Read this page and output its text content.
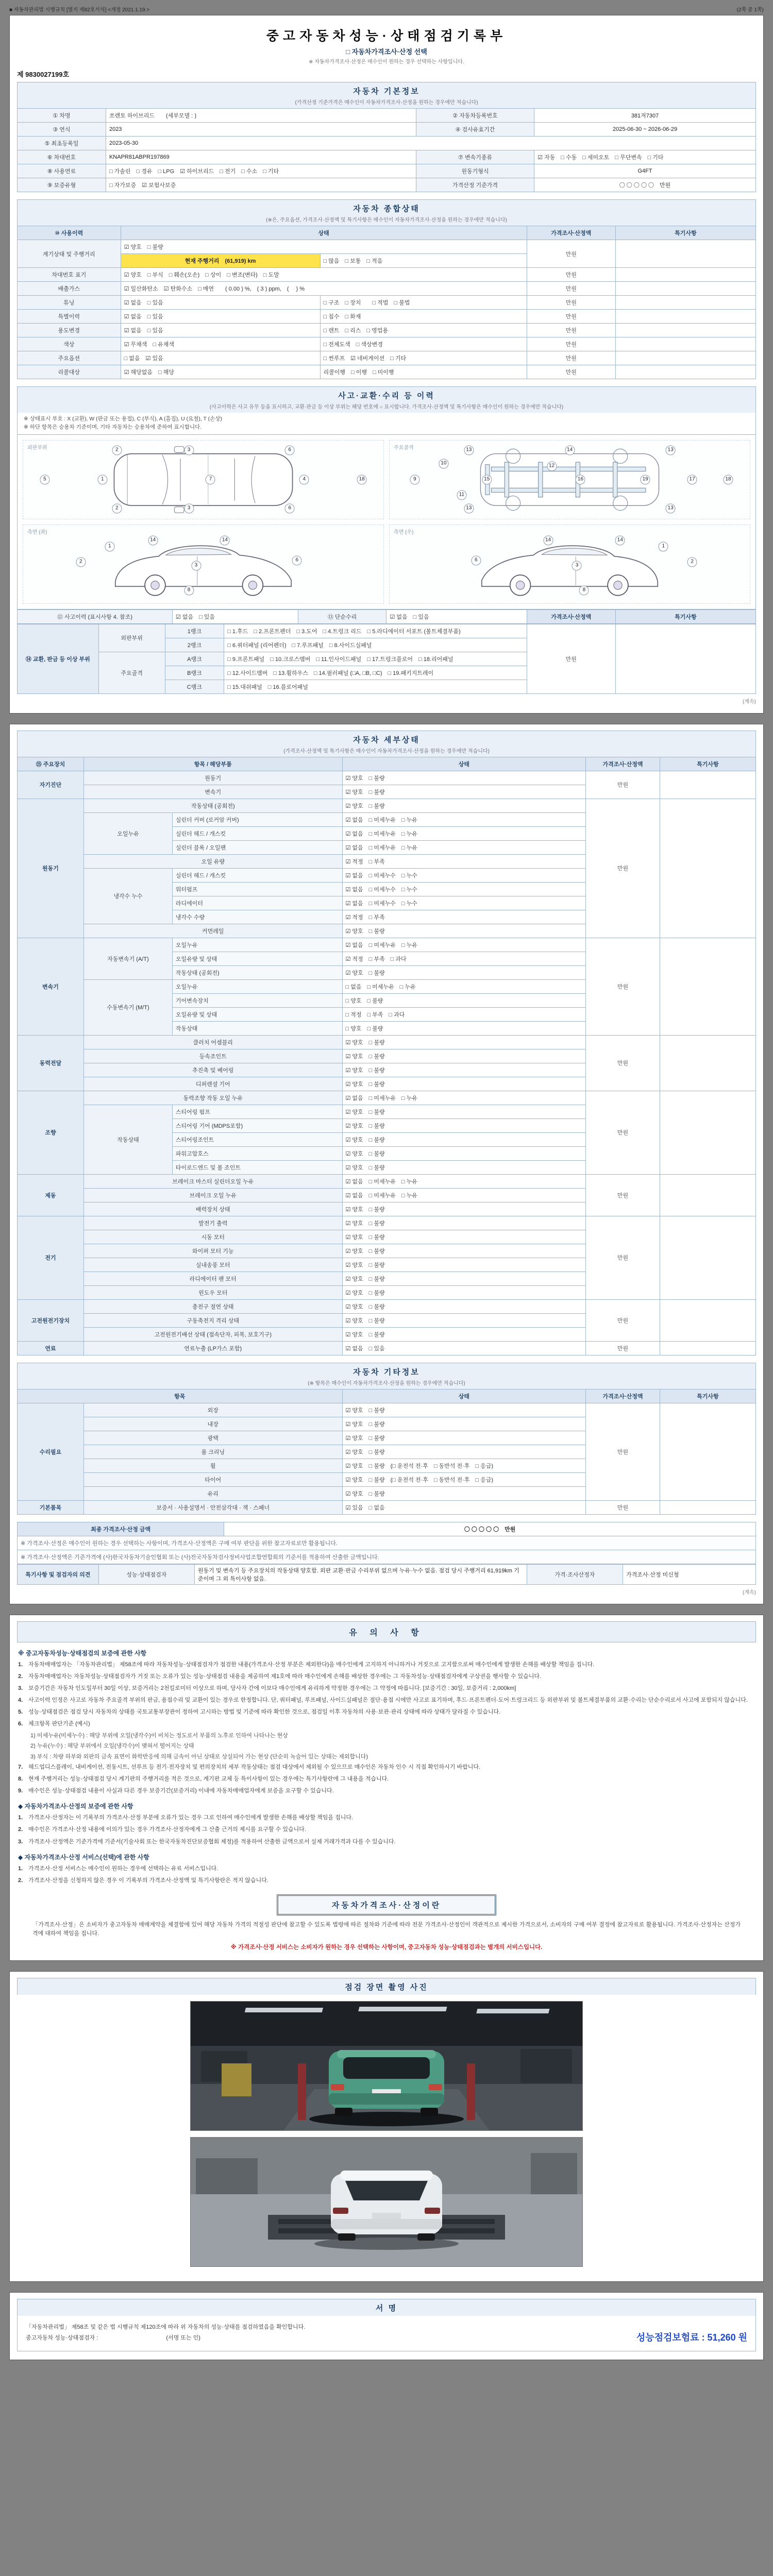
■ 자동차관리법 시행규칙 [별지 제82호서식] <개정 2021.1.19.>	(2쪽 중 1쪽)
중고자동차성능·상태점검기록부
□ 자동차가격조사·산정 선택
※ 자동차가격조사·산정은 매수인이 원하는 경우 선택하는 사항입니다.
제 9830027199호
자동차 기본정보
(가격산정 기준가격은 매수인이 자동차가격조사·산정을 원하는 경우에만 적습니다)
① 차명	쏘렌토 하이브리드　　(세부모델 : )	② 자동차등록번호	381저7307
③ 연식	2023	④ 검사유효기간	2025-06-30 ~ 2026-06-29
⑤ 최초등록일	2023-05-30		
⑥ 차대번호	KNAPR81ABPR197869	⑦ 변속기종류	☑ 자동　□ 수동　□ 세미오토　□ 무단변속　□ 기타
⑧ 사용연료	□ 가솔린　□ 경유　□ LPG　☑ 하이브리드　□ 전기　□ 수소　□ 기타	원동기형식	G4FT
⑨ 보증유형	□ 자가보증　☑ 보험사보증	가격산정 기준가격	〇 〇 〇 〇 〇　만원
자동차 종합상태
(※은, 주요옵션, 가격조사·산정액 및 특기사항은 매수인이 자동차가격조사·산정을 원하는 경우에만 적습니다)
⑩ 사용이력	상태		가격조사·산정액	특기사항
계기상태 및 주행거리	☑ 양호　□ 불량		만원	
	현재 주행거리　(61,919) km	□ 많음　□ 보통　□ 적음		
차대번호 표기	☑ 양호　□ 부식　□ 훼손(오손)　□ 상이　□ 변조(변타)　□ 도말		만원	
배출가스	☑ 일산화탄소　☑ 탄화수소　□ 매연　　( 0.00 ) %,　( 3 ) ppm,　(　 ) %		만원	
튜닝	☑ 없음　□ 있음	□ 구조　□ 장치　　□ 적법　□ 불법	만원	
특별이력	☑ 없음　□ 있음	□ 침수　□ 화재	만원	
용도변경	☑ 없음　□ 있음	□ 렌트　□ 리스　□ 영업용	만원	
색상	☑ 무채색　□ 유채색	□ 전체도색　□ 색상변경	만원	
주요옵션	□ 없음　☑ 있음	□ 썬루프　☑ 네비게이션　□ 기타	만원	
리콜대상	☑ 해당없음　□ 해당	리콜이행　□ 이행　□ 미이행	만원	
사고·교환·수리 등 이력
(사고이력은 사고 유무 등을 표시하고, 교환·판금 등 이상 부위는 해당 번호에 ○ 표시합니다. 가격조사·산정액 및 특기사항은 매수인이 원하는 경우에만 적습니다)
※ 상태표시 부호 : X (교환), W (판금 또는 용접), C (부식), A (흠집), U (요철), T (손상)
※ 하단 항목은 승용차 기준이며, 기타 자동차는 승용차에 준하여 표시합니다.
외판부위
5	1	7	4	18
2
2
3
3
6
6
주요골격
9
10
15
11
12
16
13
13
13
13
19	17	18
14
측면 (좌)
2
1
14
3
14
6
8
측면 (우)
6
14
3
14
1
2
8
⑫ 사고이력 (표시사항 4. 참조)	☑ 없음　□ 있음	⑬ 단순수리	☑ 없음　□ 있음	가격조사·산정액	특기사항
⑭ 교환, 판금 등 이상 부위	외판부위	1랭크	□ 1.후드　□ 2.프론트펜더　□ 3.도어　□ 4.트렁크 리드　□ 5.라디에이터 서포트 (볼트체결부품)	만원	
		2랭크	□ 6.쿼터패널 (리어펜더)　□ 7.루프패널　□ 8.사이드실패널		
	주요골격	A랭크	□ 9.프론트패널　□ 10.크로스멤버　□ 11.인사이드패널　□ 17.트렁크플로어　□ 18.리어패널		
		B랭크	□ 12.사이드멤버　□ 13.휠하우스　□ 14.필러패널 (□A, □B, □C)　□ 19.패키지트레이		
		C랭크	□ 15.대쉬패널　□ 16.플로어패널		
(계속)
자동차 세부상태
(가격조사·산정액 및 특기사항은 매수인이 자동차가격조사·산정을 원하는 경우에만 적습니다)
⑮ 주요장치	항목 / 해당부품		상태	가격조사·산정액	특기사항
자기진단	원동기		☑ 양호　□ 불량	만원	
	변속기		☑ 양호　□ 불량		
원동기	작동상태 (공회전)		☑ 양호　□ 불량	만원	
	오일누유	실린더 커버 (로커암 커버)	☑ 없음　□ 미세누유　□ 누유		
		실린더 헤드 / 개스킷	☑ 없음　□ 미세누유　□ 누유		
		실린더 블록 / 오일팬	☑ 없음　□ 미세누유　□ 누유		
	오일 유량		☑ 적정　□ 부족		
	냉각수 누수	실린더 헤드 / 개스킷	☑ 없음　□ 미세누수　□ 누수		
		워터펌프	☑ 없음　□ 미세누수　□ 누수		
		라디에이터	☑ 없음　□ 미세누수　□ 누수		
		냉각수 수량	☑ 적정　□ 부족		
	커먼레일		☑ 양호　□ 불량		
변속기	자동변속기 (A/T)	오일누유	☑ 없음　□ 미세누유　□ 누유	만원	
		오일유량 및 상태	☑ 적정　□ 부족　□ 과다		
		작동상태 (공회전)	☑ 양호　□ 불량		
	수동변속기 (M/T)	오일누유	□ 없음　□ 미세누유　□ 누유		
		기어변속장치	□ 양호　□ 불량		
		오일유량 및 상태	□ 적정　□ 부족　□ 과다		
		작동상태	□ 양호　□ 불량		
동력전달	클러치 어셈블리		☑ 양호　□ 불량	만원	
	등속조인트		☑ 양호　□ 불량		
	추진축 및 베어링		☑ 양호　□ 불량		
	디퍼렌셜 기어		☑ 양호　□ 불량		
조향	동력조향 작동 오일 누유		☑ 없음　□ 미세누유　□ 누유	만원	
	작동상태	스티어링 펌프	☑ 양호　□ 불량		
		스티어링 기어 (MDPS포함)	☑ 양호　□ 불량		
		스티어링조인트	☑ 양호　□ 불량		
		파워고압호스	☑ 양호　□ 불량		
		타이로드엔드 및 볼 조인트	☑ 양호　□ 불량		
제동	브레이크 마스터 실린더오일 누유		☑ 없음　□ 미세누유　□ 누유	만원	
	브레이크 오일 누유		☑ 없음　□ 미세누유　□ 누유		
	배력장치 상태		☑ 양호　□ 불량		
전기	발전기 출력		☑ 양호　□ 불량	만원	
	시동 모터		☑ 양호　□ 불량		
	와이퍼 모터 기능		☑ 양호　□ 불량		
	실내송풍 모터		☑ 양호　□ 불량		
	라디에이터 팬 모터		☑ 양호　□ 불량		
	윈도우 모터		☑ 양호　□ 불량		
고전원전기장치	충전구 절연 상태		☑ 양호　□ 불량	만원	
	구동축전지 격리 상태		☑ 양호　□ 불량		
	고전원전기배선 상태 (접속단자, 피복, 보호기구)		☑ 양호　□ 불량		
연료	연료누출 (LP가스 포함)		☑ 없음　□ 있음	만원	
자동차 기타정보
(※ 항목은 매수인이 자동차가격조사·산정을 원하는 경우에만 적습니다)
항목		상태	가격조사·산정액	특기사항
수리필요	외장	☑ 양호　□ 불량	만원	
	내장	☑ 양호　□ 불량		
	광택	☑ 양호　□ 불량		
	룸 크리닝	☑ 양호　□ 불량		
	휠	☑ 양호　□ 불량　(□ 운전석 전·후　□ 동반석 전·후　□ 응급)		
	타이어	☑ 양호　□ 불량　(□ 운전석 전·후　□ 동반석 전·후　□ 응급)		
	유리	☑ 양호　□ 불량		
기본품목	보증서 · 사용설명서 · 안전삼각대 · 잭 · 스패너	☑ 있음　□ 없음	만원	
최종 가격조사·산정 금액	〇 〇 〇 〇 〇　만원
※ 가격조사·산정은 매수인이 원하는 경우 선택하는 사항이며, 가격조사·산정액은 구매 여부 판단을 위한 참고자료로만 활용됩니다.
※ 가격조사·산정액은 기준가격에 (사)한국자동차기술인협회 또는 (사)전국자동차검사정비사업조합연합회의 기준서를 적용하여 산출한 금액입니다.
특기사항 및 점검자의 의견	성능·상태점검자	원동기 및 변속기 등 주요장치의 작동상태 양호함. 외판 교환·판금 수리부위 없으며 누유·누수 없음. 점검 당시 주행거리 61,919km 기준이며 그 외 특이사항 없음.	가격·조사산정자	가격조사·산정 미신청
(계속)
유 의 사 항
※ 중고자동차성능·상태점검의 보증에 관한 사항
1. 자동차매매업자는 「자동차관리법」 제58조에 따라 자동차성능·상태점검자가 점검한 내용(가격조사·산정 부분은 제외한다)을 매수인에게 고지하지 아니하거나 거짓으로 고지함으로써 매수인에게 발생한 손해를 배상할 책임을 집니다.
2. 자동차매매업자는 자동차성능·상태점검자가 거짓 또는 오류가 있는 성능·상태점검 내용을 제공하여 제1호에 따라 매수인에게 손해를 배상한 경우에는 그 자동차성능·상태점검자에게 구상권을 행사할 수 있습니다.
3. 보증기간은 자동차 인도일부터 30일 이상, 보증거리는 2천킬로미터 이상으로 하며, 당사자 간에 이보다 매수인에게 유리하게 약정한 경우에는 그 약정에 따릅니다. [보증기간 : 30일, 보증거리 : 2,000km]
4. 사고이력 인정은 사고로 자동차 주요골격 부위의 판금, 용접수리 및 교환이 있는 경우로 한정합니다. 단, 쿼터패널, 루프패널, 사이드실패널은 절단·용접 시에만 사고로 표기하며, 후드·프론트펜더·도어·트렁크리드 등 외판부위 및 볼트체결부품의 교환·수리는 단순수리로서 사고에 포함되지 않습니다.
5. 성능·상태점검은 점검 당시 자동차의 상태를 국토교통부장관이 정하여 고시하는 방법 및 기준에 따라 확인한 것으로, 점검일 이후 자동차의 사용·보관·관리 상태에 따라 상태가 달라질 수 있습니다.
6. 체크항목 판단기준 (예시)
1) 미세누유(미세누수) : 해당 부위에 오일(냉각수)이 비치는 정도로서 부품의 노후로 인하여 나타나는 현상
2) 누유(누수) : 해당 부위에서 오일(냉각수)이 맺혀서 떨어지는 상태
3) 부식 : 차량 하부와 외판의 금속 표면이 화학반응에 의해 금속이 아닌 상태로 상실되어 가는 현상 (단순히 녹슬어 있는 상태는 제외합니다)
7. 헤드업디스플레이, 내비게이션, 전동시트, 선루프 등 전기·전자장치 및 편의장치의 세부 작동상태는 점검 대상에서 제외될 수 있으므로 매수인은 자동차 인수 시 직접 확인하시기 바랍니다.
8. 현재 주행거리는 성능·상태점검 당시 계기판의 주행거리를 적은 것으로, 계기판 교체 등 특이사항이 있는 경우에는 특기사항란에 그 내용을 적습니다.
9. 매수인은 성능·상태점검 내용이 사실과 다른 경우 보증기간(보증거리) 이내에 자동차매매업자에게 보증을 요구할 수 있습니다.
◆ 자동차가격조사·산정의 보증에 관한 사항
1. 가격조사·산정자는 이 기록부의 가격조사·산정 부분에 오류가 있는 경우 그로 인하여 매수인에게 발생한 손해를 배상할 책임을 집니다.
2. 매수인은 가격조사·산정 내용에 이의가 있는 경우 가격조사·산정자에게 그 산출 근거의 제시를 요구할 수 있습니다.
3. 가격조사·산정액은 기준가격에 기준서(기술사회 또는 한국자동차진단보증협회 제정)를 적용하여 산출한 금액으로서 실제 거래가격과 다를 수 있습니다.
◆ 자동차가격조사·산정 서비스(선택)에 관한 사항
1. 가격조사·산정 서비스는 매수인이 원하는 경우에 선택하는 유료 서비스입니다.
2. 가격조사·산정을 신청하지 않은 경우 이 기록부의 가격조사·산정액 및 특기사항란은 적지 않습니다.
자동차가격조사·산정이란
「가격조사·산정」은 소비자가 중고자동차 매매계약을 체결함에 있어 해당 자동차 가격의 적절성 판단에 참고할 수 있도록 법령에 따른 절차와 기준에 따라 전문 가격조사·산정인이 객관적으로 제시한 가격으로서, 소비자의 구매 여부 결정에 참고자료로 활용됩니다. 가격조사·산정자는 산정가격에 대하여 책임을 집니다.
※ 가격조사·산정 서비스는 소비자가 원하는 경우 선택하는 사항이며, 중고자동차 성능·상태점검과는 별개의 서비스입니다.
점검 장면 촬영 사진
서 명
「자동차관리법」 제58조 및 같은 법 시행규칙 제120조에 따라 위 자동차의 성능·상태를 점검하였음을 확인합니다.
중고자동차 성능·상태점검자 :　　　　　　　　　　　　(서명 또는 인)	성능점검보험료 : 51,260 원
